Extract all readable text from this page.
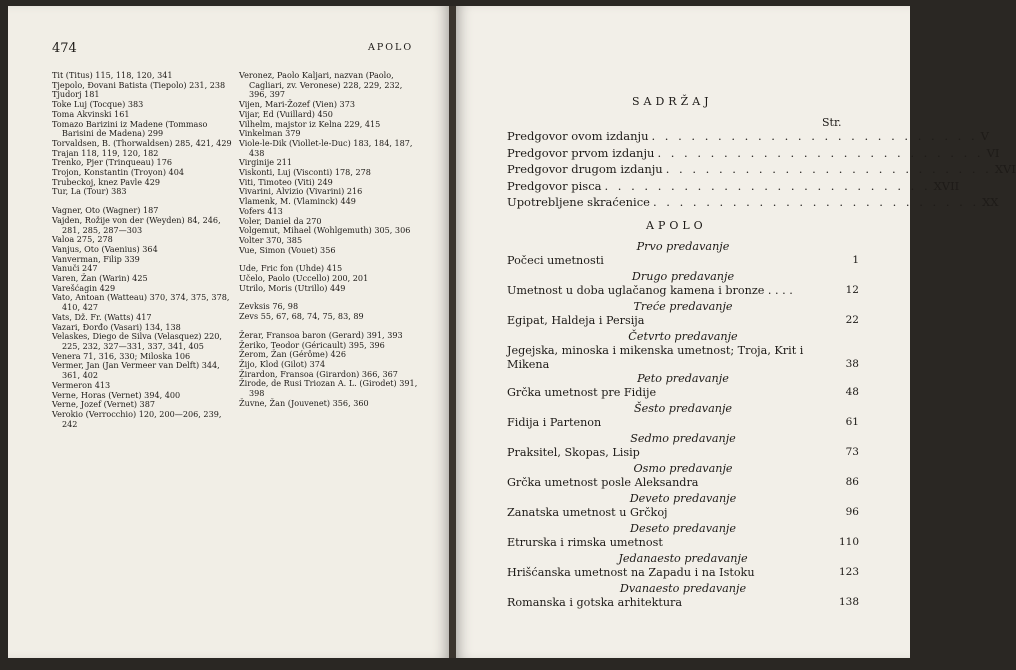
474	APOLO
Tit (Titus) 115, 118, 120, 341
Tjepolo, Đovani Batista (Tiepolo) 231, 238
Tjudorj 181
Toke Luj (Tocque) 383
Toma Akvinski 161
Tomazo Barizini iz Madene (Tommaso Barisini de Madena) 299
Torvaldsen, B. (Thorwaldsen) 285, 421, 429
Trajan 118, 119, 120, 182
Trenko, Pjer (Trinqueau) 176
Trojon, Konstantin (Troyon) 404
Trubeckoj, knez Pavle 429
Tur, La (Tour) 383
Vagner, Oto (Wagner) 187
Vajden, Rožije von der (Weyden) 84, 246, 281, 285, 287—303
Valoa 275, 278
Vanjus, Oto (Vaenius) 364
Vanverman, Filip 339
Vanuči 247
Varen, Žan (Warin) 425
Varešćagin 429
Vato, Antoan (Watteau) 370, 374, 375, 378, 410, 427
Vats, Dž. Fr. (Watts) 417
Vazari, Đorđo (Vasari) 134, 138
Velaskes, Diego de Silva (Velasquez) 220, 225, 232, 327—331, 337, 341, 405
Venera 71, 316, 330; Miloska 106
Vermer, Jan (Jan Vermeer van Delft) 344, 361, 402
Vermeron 413
Verne, Horas (Vernet) 394, 400
Verne, Jozef (Vernet) 387
Verokio (Verrocchio) 120, 200—206, 239, 242
Veronez, Paolo Kaljari, nazvan (Paolo, Cagliari, zv. Veronese) 228, 229, 232, 396, 397
Vijen, Mari-Žozef (Vien) 373
Vijar, Ed (Vuillard) 450
Vilhelm, majstor iz Kelna 229, 415
Vinkelman 379
Viole-le-Dik (Viollet-le-Duc) 183, 184, 187, 438
Virginije 211
Viskonti, Luj (Visconti) 178, 278
Viti, Timoteo (Viti) 249
Vivarini, Alvizio (Vivarini) 216
Vlamenk, M. (Vlaminck) 449
Vofers 413
Voler, Daniel da 270
Volgemut, Mihael (Wohlgemuth) 305, 306
Volter 370, 385
Vue, Simon (Vouet) 356
Ude, Fric fon (Uhde) 415
Učelo, Paolo (Uccello) 200, 201
Utrilo, Moris (Utrillo) 449
Zevksis 76, 98
Zevs 55, 67, 68, 74, 75, 83, 89
Žerar, Fransoa baron (Gerard) 391, 393
Žeriko, Teodor (Géricault) 395, 396
Žerom, Žan (Gérôme) 426
Žijo, Klod (Gilot) 374
Žirardon, Fransoa (Girardon) 366, 367
Žirode, de Rusi Triozan A. L. (Girodet) 391, 398
Žuvne, Žan (Jouvenet) 356, 360
SADRŽAJ
Str.
Predgovor ovom izdanju . . . . . . . . . . . . . . . . . . . . . . . . . V
Predgovor prvom izdanju . . . . . . . . . . . . . . . . . . . . . . . . . VI
Predgovor drugom izdanju . . . . . . . . . . . . . . . . . . . . . . . . . XVI
Predgovor pisca . . . . . . . . . . . . . . . . . . . . . . . . . XVII
Upotrebljene skraćenice . . . . . . . . . . . . . . . . . . . . . . . . . XX
APOLO
Prvo predavanje
Počeci umetnosti	1
Drugo predavanje
Umetnost u doba uglačanog kamena i bronze . . . .	12
Treće predavanje
Egipat, Haldeja i Persija	22
Četvrto predavanje
Jegejska, minoska i mikenska umetnost; Troja, Krit i Mikena	38
Peto predavanje
Grčka umetnost pre Fidije	48
Šesto predavanje
Fidija i Partenon	61
Sedmo predavanje
Praksitel, Skopas, Lisip	73
Osmo predavanje
Grčka umetnost posle Aleksandra	86
Deveto predavanje
Zanatska umetnost u Grčkoj	96
Deseto predavanje
Etrurska i rimska umetnost	110
Jedanaesto predavanje
Hrišćanska umetnost na Zapadu i na Istoku	123
Dvanaesto predavanje
Romanska i gotska arhitektura	138
